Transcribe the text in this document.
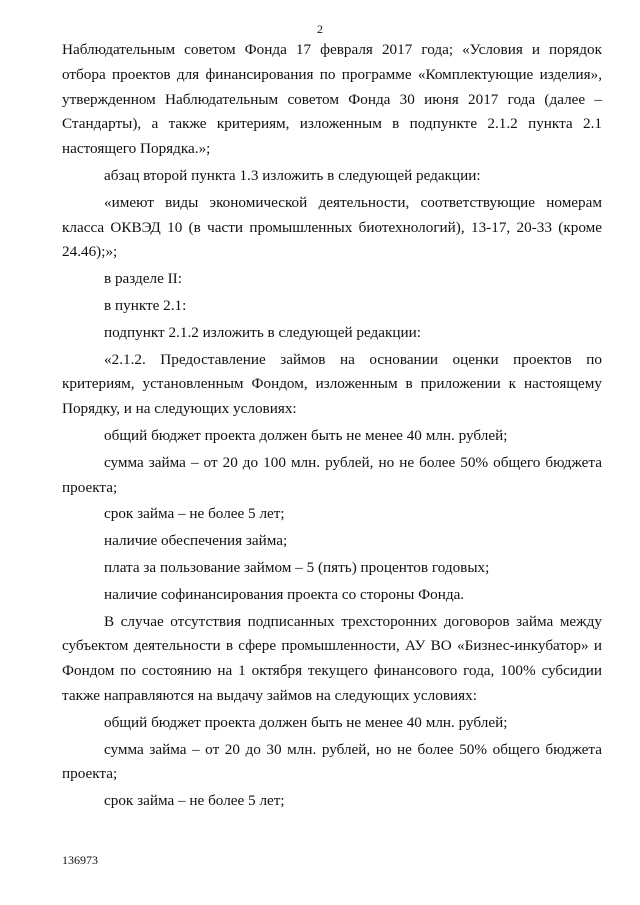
2

Наблюдательным советом Фонда 17 февраля 2017 года; «Условия и порядок отбора проектов для финансирования по программе «Комплектующие изделия», утвержденном Наблюдательным советом Фонда 30 июня 2017 года (далее – Стандарты), а также критериям, изложенным в подпункте 2.1.2 пункта 2.1 настоящего Порядка.»;

абзац второй пункта 1.3 изложить в следующей редакции:

«имеют виды экономической деятельности, соответствующие номерам класса ОКВЭД 10 (в части промышленных биотехнологий), 13-17, 20-33 (кроме 24.46);»;

в разделе II:

в пункте 2.1:

подпункт 2.1.2 изложить в следующей редакции:

«2.1.2. Предоставление займов на основании оценки проектов по критериям, установленным Фондом, изложенным в приложении к настоящему Порядку, и на следующих условиях:

общий бюджет проекта должен быть не менее 40 млн. рублей;

сумма займа – от 20 до 100 млн. рублей, но не более 50% общего бюджета проекта;

срок займа – не более 5 лет;

наличие обеспечения займа;

плата за пользование займом – 5 (пять) процентов годовых;

наличие софинансирования проекта со стороны Фонда.

В случае отсутствия подписанных трехсторонних договоров займа между субъектом деятельности в сфере промышленности, АУ ВО «Бизнес-инкубатор» и Фондом по состоянию на 1 октября текущего финансового года, 100% субсидии также направляются на выдачу займов на следующих условиях:

общий бюджет проекта должен быть не менее 40 млн. рублей;

сумма займа – от 20 до 30 млн. рублей, но не более 50% общего бюджета проекта;

срок займа – не более 5 лет;

136973
